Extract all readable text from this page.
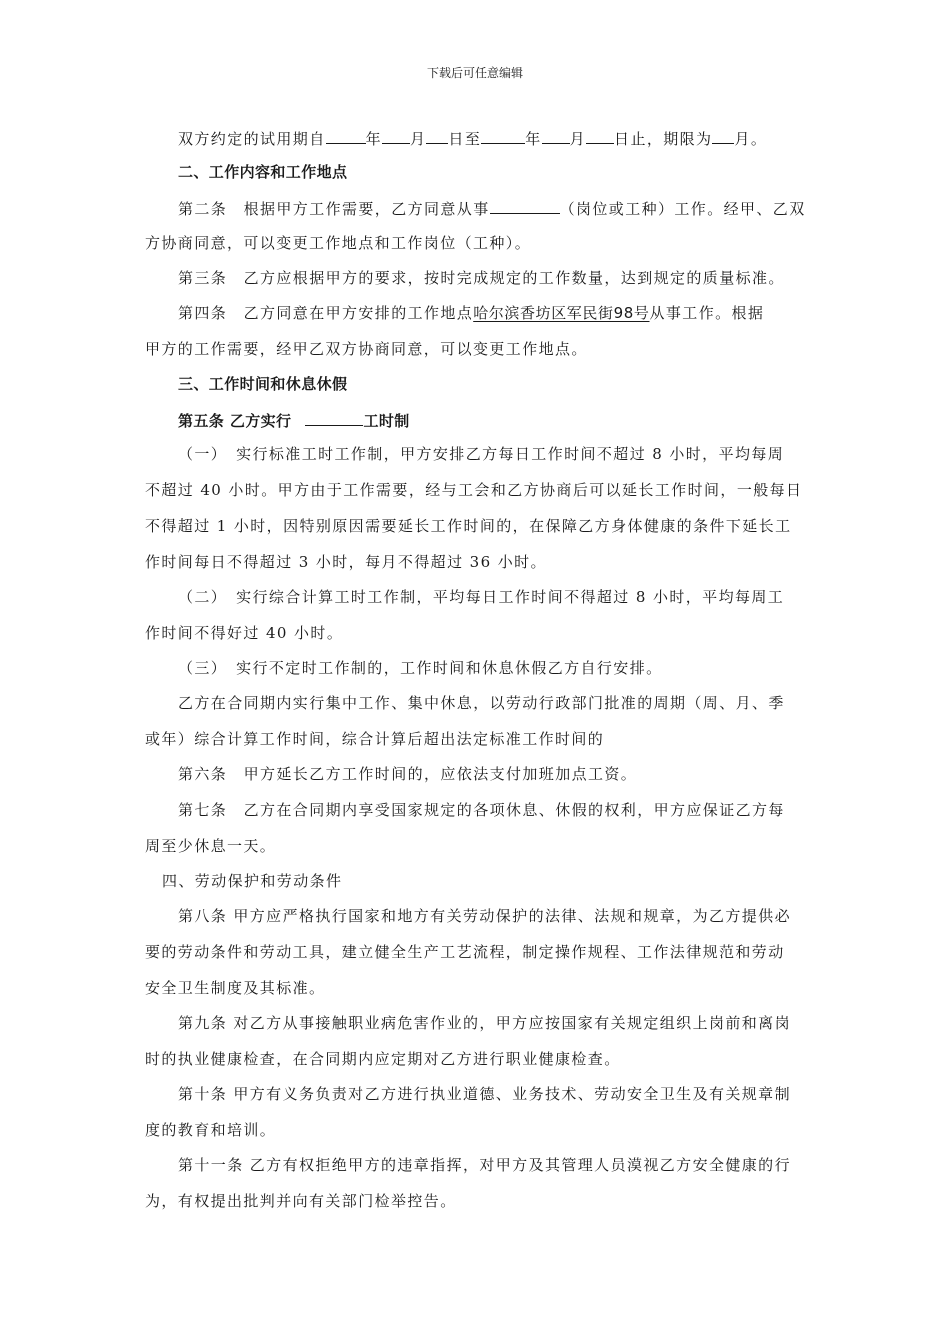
下载后可任意编辑
双方约定的试用期自	年 月 日至	年 月 日止，期限为 月。
二、工作内容和工作地点
第二条　根据甲方工作需要，乙方同意从事	（岗位或工种）工作。经甲、乙双
方协商同意，可以变更工作地点和工作岗位（工种）。
第三条　乙方应根据甲方的要求，按时完成规定的工作数量，达到规定的质量标准。
第四条　乙方同意在甲方安排的工作地点哈尔滨香坊区军民街98号从事工作。根据
甲方的工作需要，经甲乙双方协商同意，可以变更工作地点。
三、工作时间和休息休假
第五条 乙方实行	工时制
（一）　实行标准工时工作制，甲方安排乙方每日工作时间不超过 8 小时，平均每周
不超过 40 小时。甲方由于工作需要，经与工会和乙方协商后可以延长工作时间，一般每日
不得超过 1 小时，因特别原因需要延长工作时间的，在保障乙方身体健康的条件下延长工
作时间每日不得超过 3 小时，每月不得超过 36 小时。
（二）　实行综合计算工时工作制，平均每日工作时间不得超过 8 小时，平均每周工
作时间不得好过 40 小时。
（三）　实行不定时工作制的，工作时间和休息休假乙方自行安排。
乙方在合同期内实行集中工作、集中休息，以劳动行政部门批准的周期（周、月、季
或年）综合计算工作时间，综合计算后超出法定标准工作时间的
第六条　甲方延长乙方工作时间的，应依法支付加班加点工资。
第七条　乙方在合同期内享受国家规定的各项休息、休假的权利，甲方应保证乙方每
周至少休息一天。
四、劳动保护和劳动条件
第八条 甲方应严格执行国家和地方有关劳动保护的法律、法规和规章，为乙方提供必
要的劳动条件和劳动工具，建立健全生产工艺流程，制定操作规程、工作法律规范和劳动
安全卫生制度及其标准。
第九条 对乙方从事接触职业病危害作业的，甲方应按国家有关规定组织上岗前和离岗
时的执业健康检查，在合同期内应定期对乙方进行职业健康检查。
第十条 甲方有义务负责对乙方进行执业道德、业务技术、劳动安全卫生及有关规章制
度的教育和培训。
第十一条 乙方有权拒绝甲方的违章指挥，对甲方及其管理人员漠视乙方安全健康的行
为，有权提出批判并向有关部门检举控告。
